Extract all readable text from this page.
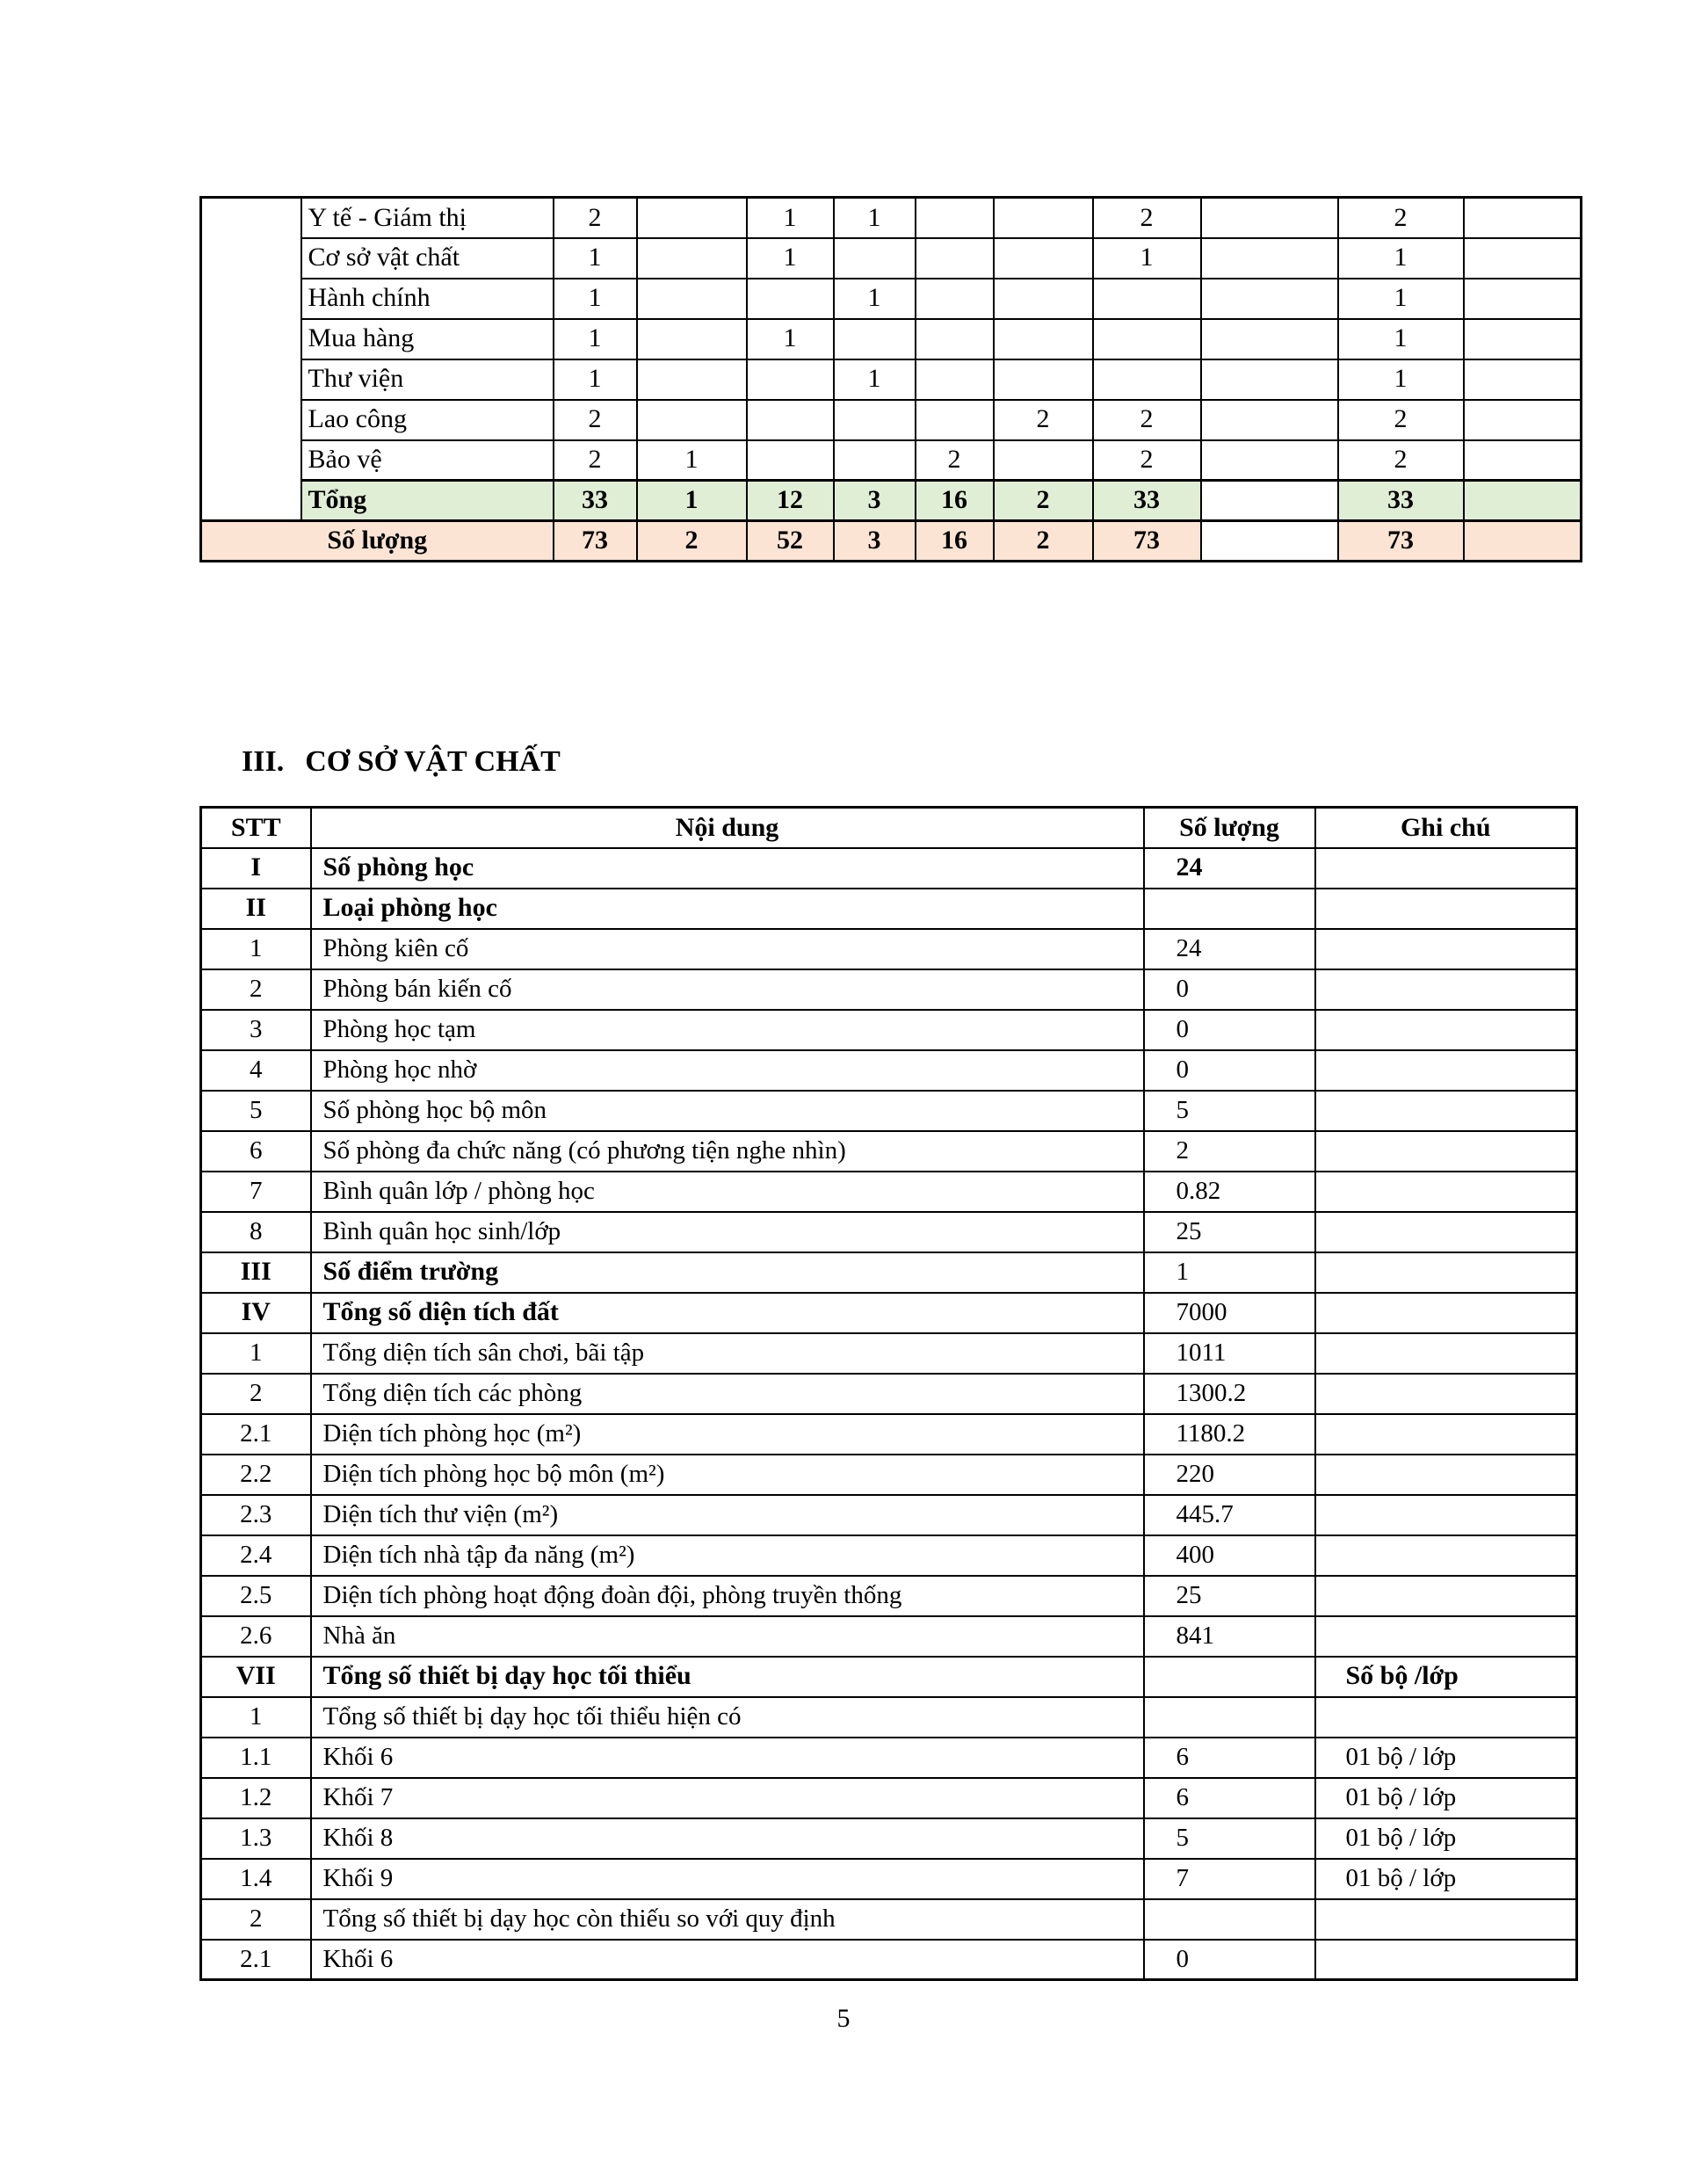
	Y tế - Giám thị	2		1	1			2		2	
	Cơ sở vật chất	1		1				1		1	
	Hành chính	1			1					1	
	Mua hàng	1		1						1	
	Thư viện	1			1					1	
	Lao công	2					2	2		2	
	Bảo vệ	2	1			2		2		2	
	Tổng	33	1	12	3	16	2	33		33	
Số lượng		73	2	52	3	16	2	73		73	
III. CƠ SỞ VẬT CHẤT
STT	Nội dung	Số lượng	Ghi chú
I	Số phòng học	24	
II	Loại phòng học		
1	Phòng kiên cố	24	
2	Phòng bán kiến cố	0	
3	Phòng học tạm	0	
4	Phòng học nhờ	0	
5	Số phòng học bộ môn	5	
6	Số phòng đa chức năng (có phương tiện nghe nhìn)	2	
7	Bình quân lớp / phòng học	0.82	
8	Bình quân học sinh/lớp	25	
III	Số điểm trường	1	
IV	Tổng số diện tích đất	7000	
1	Tổng diện tích sân chơi, bãi tập	1011	
2	Tổng diện tích các phòng	1300.2	
2.1	Diện tích phòng học (m²)	1180.2	
2.2	Diện tích phòng học bộ môn (m²)	220	
2.3	Diện tích thư viện (m²)	445.7	
2.4	Diện tích nhà tập đa năng (m²)	400	
2.5	Diện tích phòng hoạt động đoàn đội, phòng truyền thống	25	
2.6	Nhà ăn	841	
VII	Tổng số thiết bị dạy học tối thiểu		Số bộ /lớp
1	Tổng số thiết bị dạy học tối thiểu hiện có		
1.1	Khối 6	6	01 bộ / lớp
1.2	Khối 7	6	01 bộ / lớp
1.3	Khối 8	5	01 bộ / lớp
1.4	Khối 9	7	01 bộ / lớp
2	Tổng số thiết bị dạy học còn thiếu so với quy định		
2.1	Khối 6	0	
5
